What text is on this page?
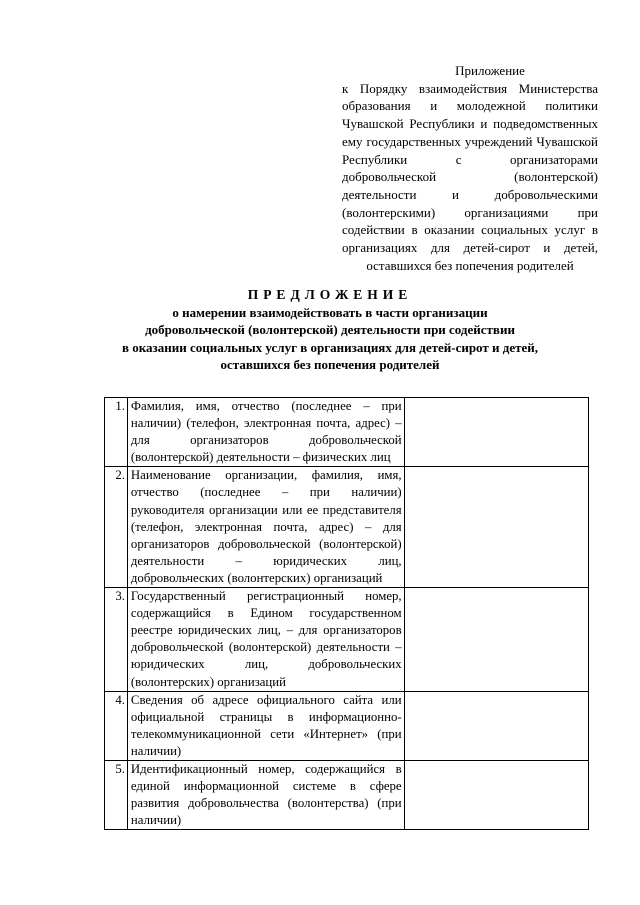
Приложение
к Порядку взаимодействия Министерства образования и молодежной политики Чувашской Республики и подведомственных ему государственных учреждений Чувашской Республики с организаторами добровольческой (волонтерской) деятельности и добровольческими (волонтерскими) организациями при содействии в оказании социальных услуг в организациях для детей-сирот и детей, оставшихся без попечения родителей
ПРЕДЛОЖЕНИЕ
о намерении взаимодействовать в части организации
добровольческой (волонтерской) деятельности при содействии
в оказании социальных услуг в организациях для детей-сирот и детей,
оставшихся без попечения родителей
1.	Фамилия, имя, отчество (последнее – при наличии) (телефон, электронная почта, адрес) – для организаторов добровольческой (волонтерской) деятельности – физических лиц	
2.	Наименование организации, фамилия, имя, отчество (последнее – при наличии) руководителя организации или ее представителя (телефон, электронная почта, адрес) – для организаторов добровольческой (волонтерской) деятельности – юридических лиц, добровольческих (волонтерских) организаций	
3.	Государственный регистрационный номер, содержащийся в Едином государственном реестре юридических лиц, – для организаторов добровольческой (волонтерской) деятельности – юридических лиц, добровольческих (волонтерских) организаций	
4.	Сведения об адресе официального сайта или официальной страницы в информационно-телекоммуникационной сети «Интернет» (при наличии)	
5.	Идентификационный номер, содержащийся в единой информационной системе в сфере развития добровольчества (волонтерства) (при наличии)	
